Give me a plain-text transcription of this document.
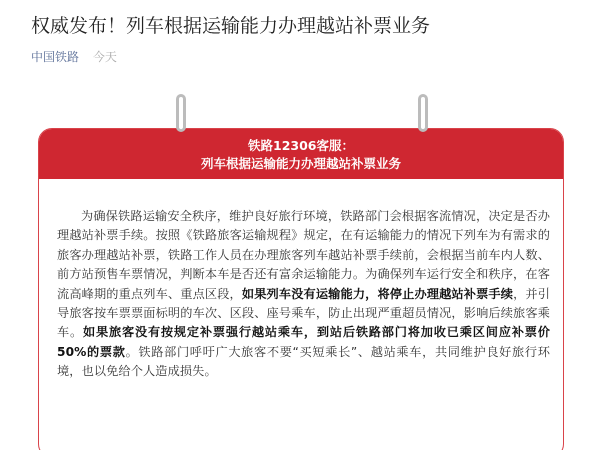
权威发布！列车根据运输能力办理越站补票业务
中国铁路 今天
铁路12306客服：
列车根据运输能力办理越站补票业务

为确保铁路运输安全秩序，维护良好旅行环境，铁路部门会根据客流情况，决定是否办理越站补票手续。按照《铁路旅客运输规程》规定，在有运输能力的情况下列车为有需求的旅客办理越站补票，铁路工作人员在办理旅客列车越站补票手续前，会根据当前车内人数、前方站预售车票情况，判断本车是否还有富余运输能力。为确保列车运行安全和秩序，在客流高峰期的重点列车、重点区段，如果列车没有运输能力，将停止办理越站补票手续，并引导旅客按车票票面标明的车次、区段、座号乘车，防止出现严重超员情况，影响后续旅客乘车。如果旅客没有按规定补票强行越站乘车，到站后铁路部门将加收已乘区间应补票价50%的票款。铁路部门呼吁广大旅客不要“买短乘长”、越站乘车，共同维护良好旅行环境，也以免给个人造成损失。
